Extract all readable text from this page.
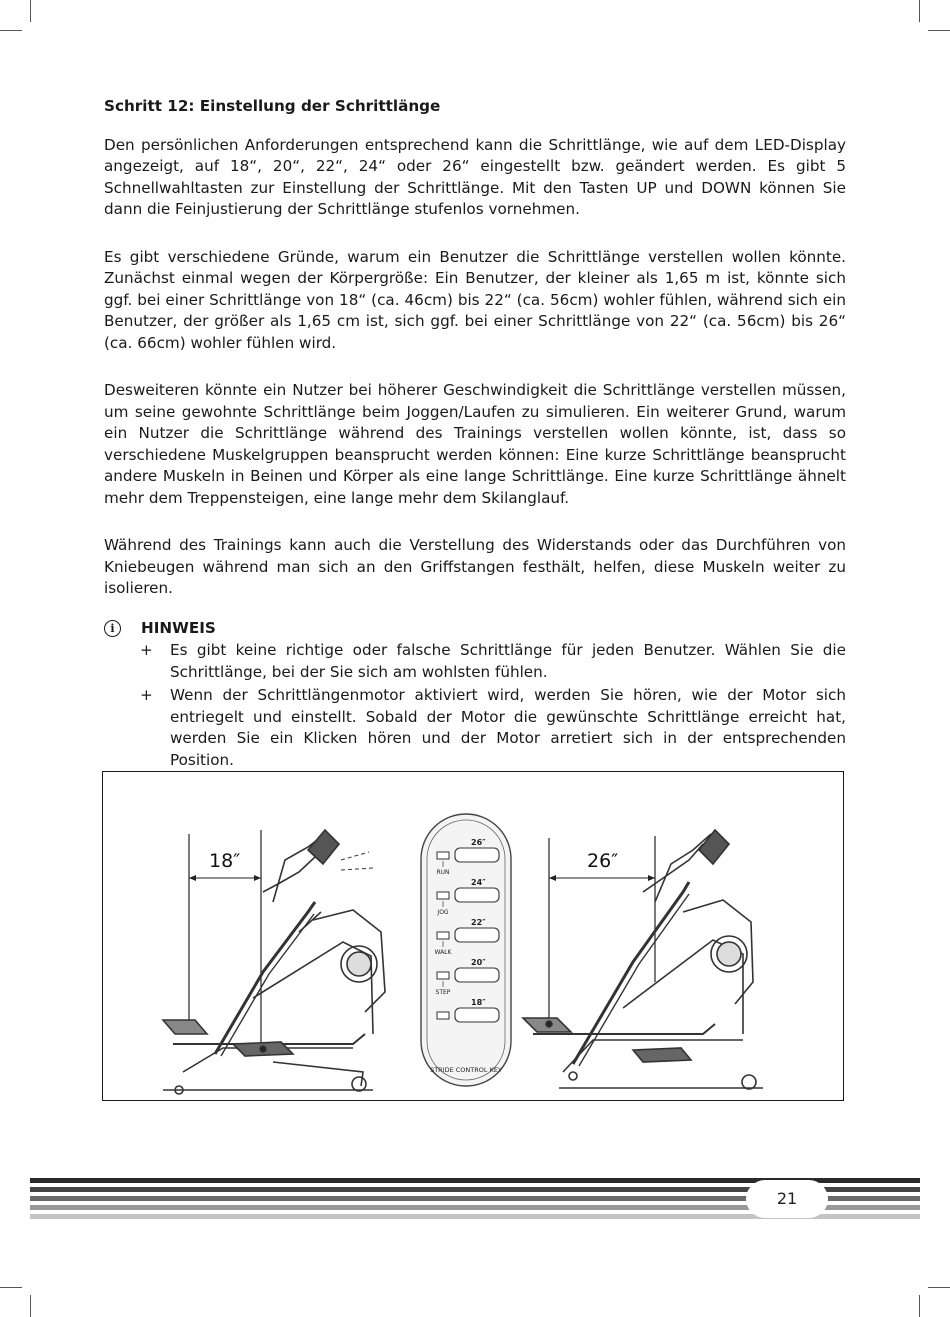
Schritt 12: Einstellung der Schrittlänge

Den persönlichen Anforderungen entsprechend kann die Schrittlänge, wie auf dem LED-Display angezeigt, auf 18“, 20“, 22“, 24“ oder 26“ eingestellt bzw. geändert werden. Es gibt 5 Schnellwahltasten zur Einstellung der Schrittlänge. Mit den Tasten UP und DOWN können Sie dann die Feinjustierung der Schrittlänge stufenlos vornehmen.

Es gibt verschiedene Gründe, warum ein Benutzer die Schrittlänge verstellen wollen könnte. Zunächst einmal wegen der Körpergröße: Ein Benutzer, der kleiner als 1,65 m ist, könnte sich ggf. bei einer Schrittlänge von 18“ (ca. 46cm) bis 22“ (ca. 56cm) wohler fühlen, während sich ein Benutzer, der größer als 1,65 cm ist, sich ggf. bei einer Schrittlänge von 22“ (ca. 56cm) bis 26“ (ca. 66cm) wohler fühlen wird.

Desweiteren könnte ein Nutzer bei höherer Geschwindigkeit die Schrittlänge verstellen müssen, um seine gewohnte Schrittlänge beim Joggen/Laufen zu simulieren. Ein weiterer Grund, warum ein Nutzer die Schrittlänge während des Trainings verstellen wollen könnte, ist, dass so verschiedene Muskelgruppen beansprucht werden können: Eine kurze Schrittlänge beansprucht andere Muskeln in Beinen und Körper als eine lange Schrittlänge. Eine kurze Schrittlänge ähnelt mehr dem Treppensteigen, eine lange mehr dem Skilanglauf.

Während des Trainings kann auch die Verstellung des Widerstands oder das Durchführen von Kniebeugen während man sich an den Griffstangen festhält, helfen, diese Muskeln weiter zu isolieren.

i	HINWEIS
+ Es gibt keine richtige oder falsche Schrittlänge für jeden Benutzer. Wählen Sie die Schrittlänge, bei der Sie sich am wohlsten fühlen.
+ Wenn der Schrittlängenmotor aktiviert wird, werden Sie hören, wie der Motor sich entriegelt und einstellt. Sobald der Motor die gewünschte Schrittlänge erreicht hat, werden Sie ein Klicken hören und der Motor arretiert sich in der entsprechenden Position.
18″
26″
RUN
24″
JOG
22″
WALK
20″
STEP
18″
STRIDE CONTROL KEY
26″
21
